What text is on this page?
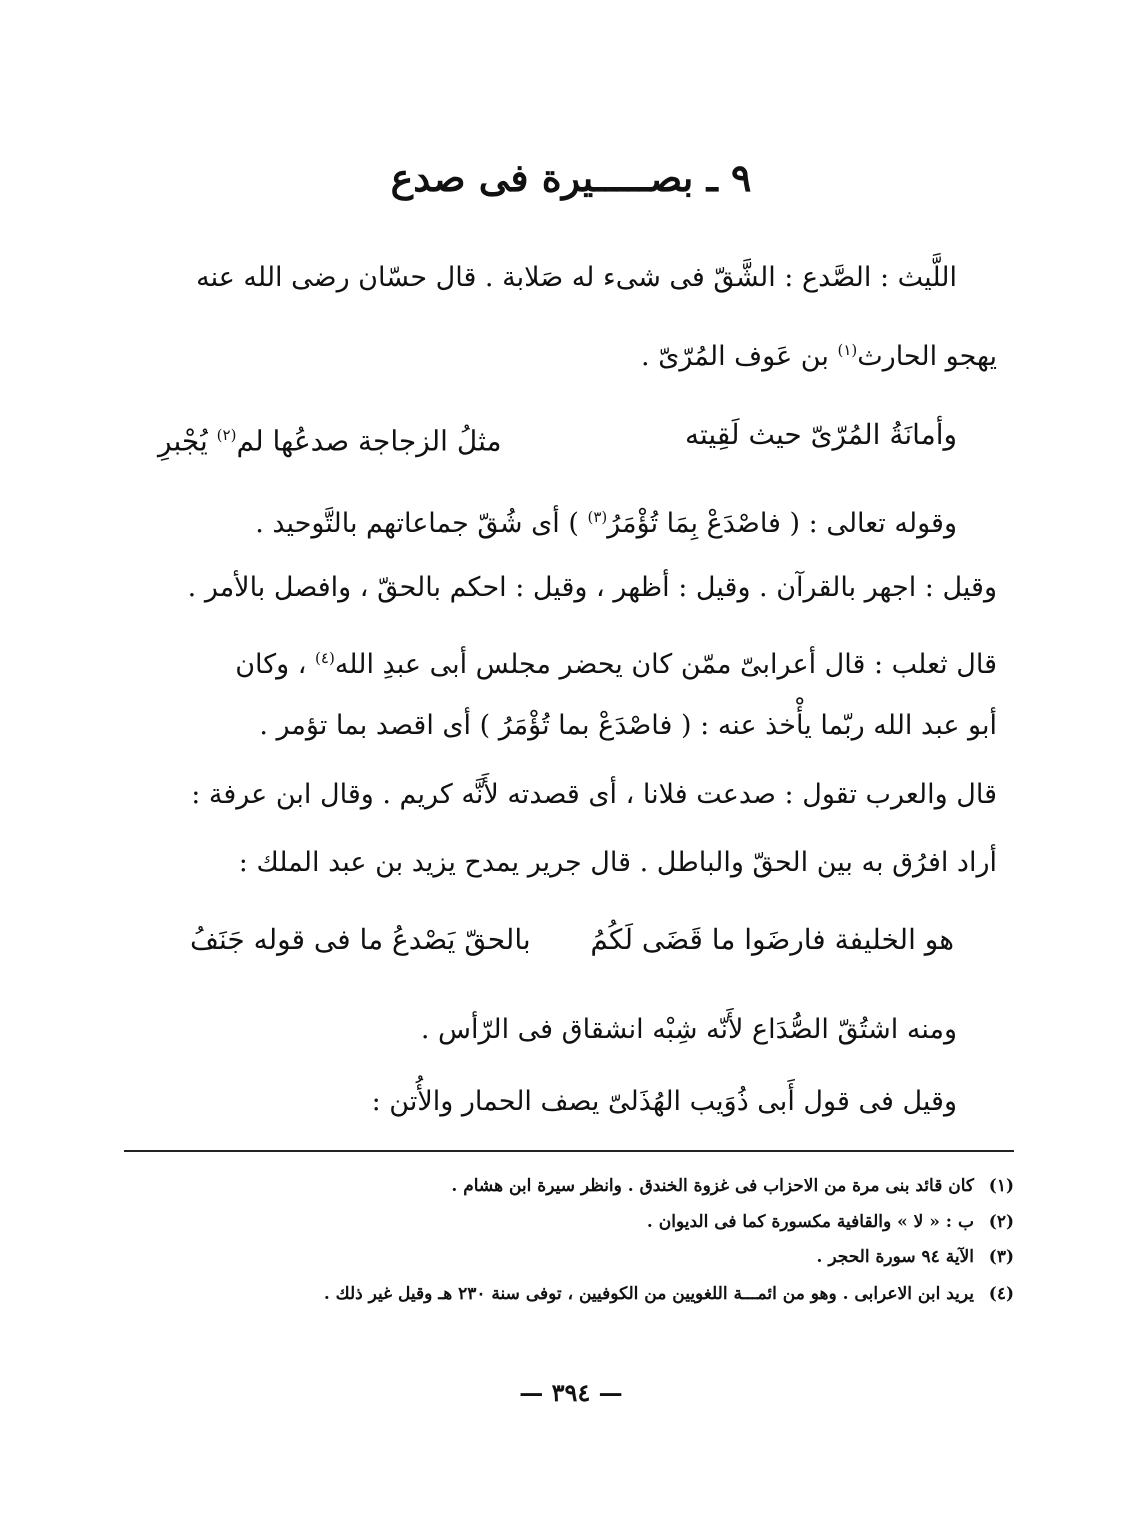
٩ ـ بصـــــيرة فى صدع
اللَّيث : الصَّدع : الشَّقّ فى شىء له صَلابة . قال حسّان رضى الله عنه
يهجو الحارث$^{(١)}$ بن عَوف المُرّىّ .
وأمانَةُ المُرّىّ حيث لَقِيته
مثلُ الزجاجة صدعُها لم$^{(٢)}$ يُجْبرِ
وقوله تعالى : ( فاصْدَعْ بِمَا تُؤْمَرُ$^{(٣)}$ ) أى شُقّ جماعاتهم بالتَّوحيد .
وقيل : اجهر بالقرآن . وقيل : أظهر ، وقيل : احكم بالحقّ ، وافصل بالأمر .
قال ثعلب : قال أعرابىّ ممّن كان يحضر مجلس أبى عبدِ الله$^{(٤)}$ ، وكان
أبو عبد الله ربّما يأْخذ عنه : ( فاصْدَعْ بما تُؤْمَرُ ) أى اقصد بما تؤمر .
قال والعرب تقول : صدعت فلانا ، أى قصدته لأَنَّه كريم . وقال ابن عرفة :
أراد افرُق به بين الحقّ والباطل . قال جرير يمدح يزيد بن عبد الملك :
هو الخليفة فارضَوا ما قَضَى لَكُمُ
بالحقّ يَصْدعُ ما فى قوله جَنَفُ
ومنه اشتُقّ الصُّدَاع لأَنّه شِبْه انشقاق فى الرّأس .
وقيل فى قول أَبى ذُوَيب الهُذَلىّ يصف الحمار والأُتن :
(١)كان قائد بنى مرة من الاحزاب فى غزوة الخندق . وانظر سيرة ابن هشام .
(٢)ب : « لا » والقافية مكسورة كما فى الديوان .
(٣)الآية ٩٤ سورة الحجر .
(٤)يريد ابن الاعرابى . وهو من ائمـــة اللغويين من الكوفيين ، توفى سنة ٢٣٠ هـ وقيل غير ذلك .
— ٣٩٤ —
